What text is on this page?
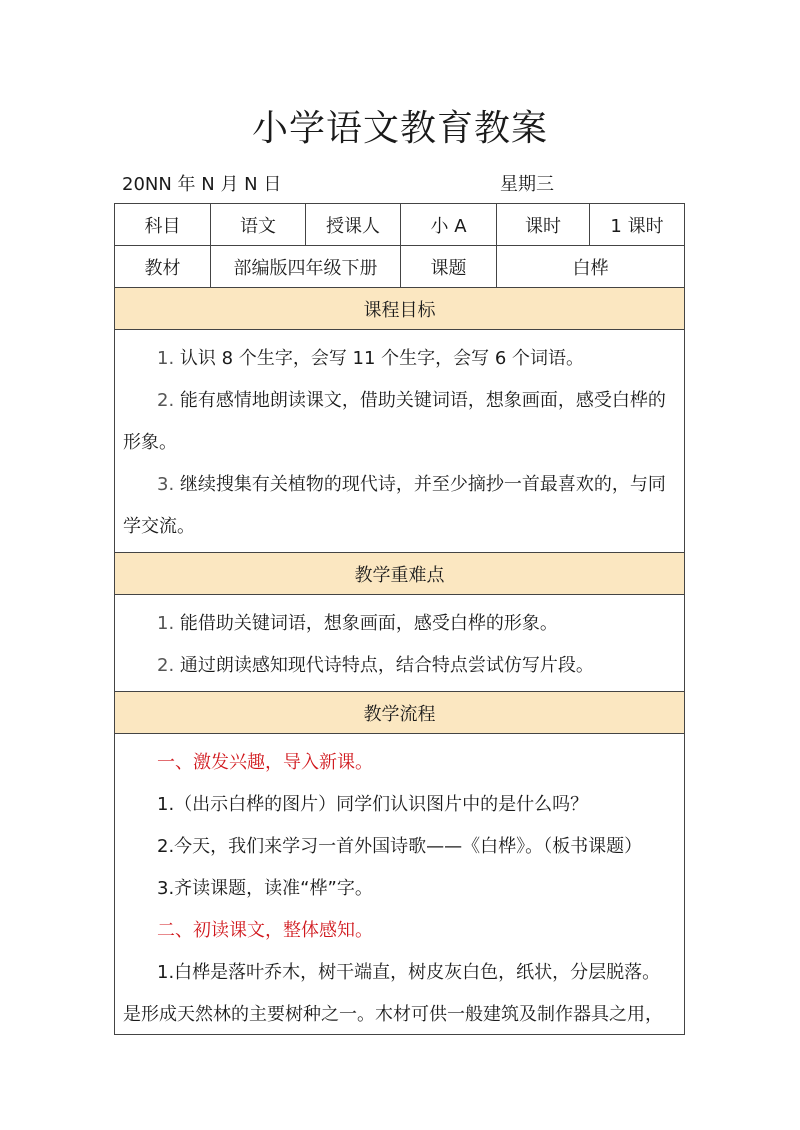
小学语文教育教案
20NN 年 N 月 N 日	星期三
科目	语文	授课人	小 A	课时	1 课时
教材	部编版四年级下册	课题	白桦
课程目标

1. 认识 8 个生字，会写 11 个生字，会写 6 个词语。

2. 能有感情地朗读课文，借助关键词语，想象画面，感受白桦的形象。

3. 继续搜集有关植物的现代诗，并至少摘抄一首最喜欢的，与同学交流。

教学重难点

1. 能借助关键词语，想象画面，感受白桦的形象。

2. 通过朗读感知现代诗特点，结合特点尝试仿写片段。

教学流程

一、激发兴趣，导入新课。

1.（出示白桦的图片）同学们认识图片中的是什么吗？

2.今天，我们来学习一首外国诗歌——《白桦》。（板书课题）

3.齐读课题，读准“桦”字。

二、初读课文，整体感知。

1.白桦是落叶乔木，树干端直，树皮灰白色，纸状，分层脱落。是形成天然林的主要树种之一。木材可供一般建筑及制作器具之用，
